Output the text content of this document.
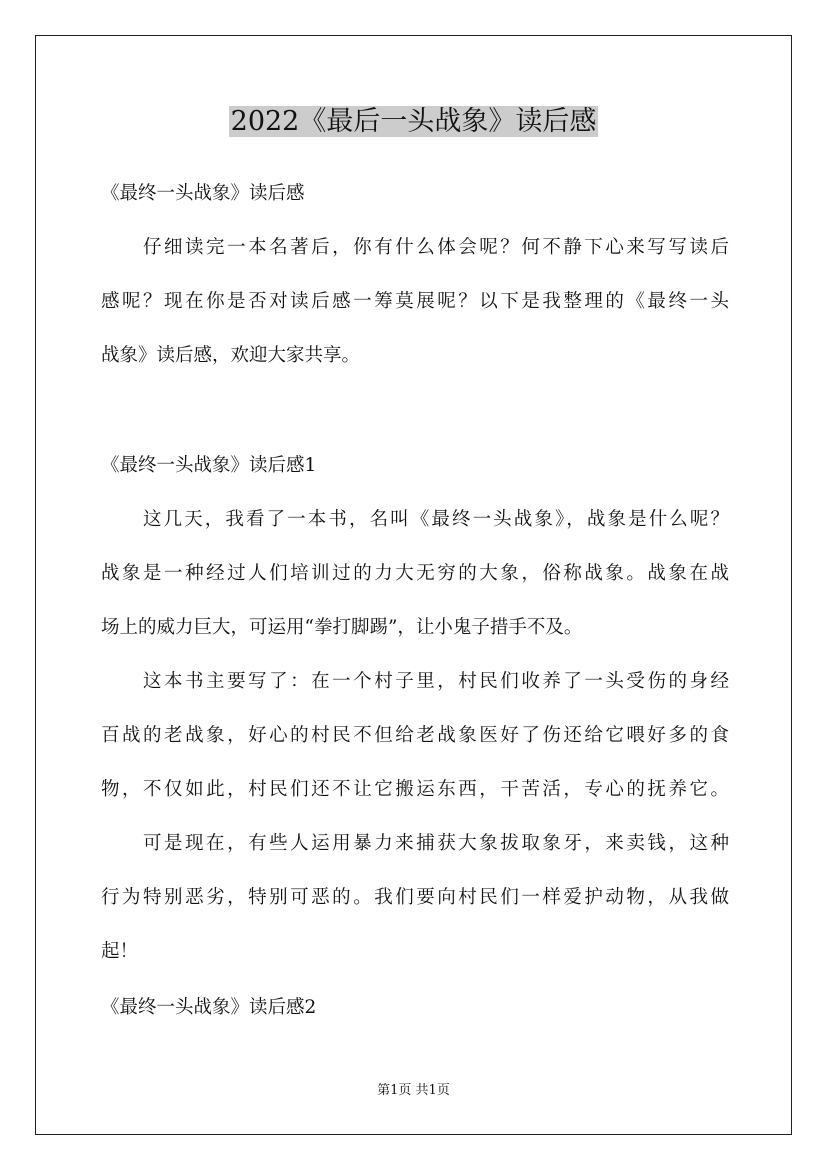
2022《最后一头战象》读后感
《最终一头战象》读后感
仔细读完一本名著后，你有什么体会呢？何不静下心来写写读后
感呢？现在你是否对读后感一筹莫展呢？以下是我整理的《最终一头
战象》读后感，欢迎大家共享。
《最终一头战象》读后感1
这几天，我看了一本书，名叫《最终一头战象》，战象是什么呢？
战象是一种经过人们培训过的力大无穷的大象，俗称战象。战象在战
场上的威力巨大，可运用“拳打脚踢”，让小鬼子措手不及。
这本书主要写了：在一个村子里，村民们收养了一头受伤的身经
百战的老战象，好心的村民不但给老战象医好了伤还给它喂好多的食
物，不仅如此，村民们还不让它搬运东西，干苦活，专心的抚养它。
可是现在，有些人运用暴力来捕获大象拔取象牙，来卖钱，这种
行为特别恶劣，特别可恶的。我们要向村民们一样爱护动物，从我做
起！
《最终一头战象》读后感2
第1页 共1页
